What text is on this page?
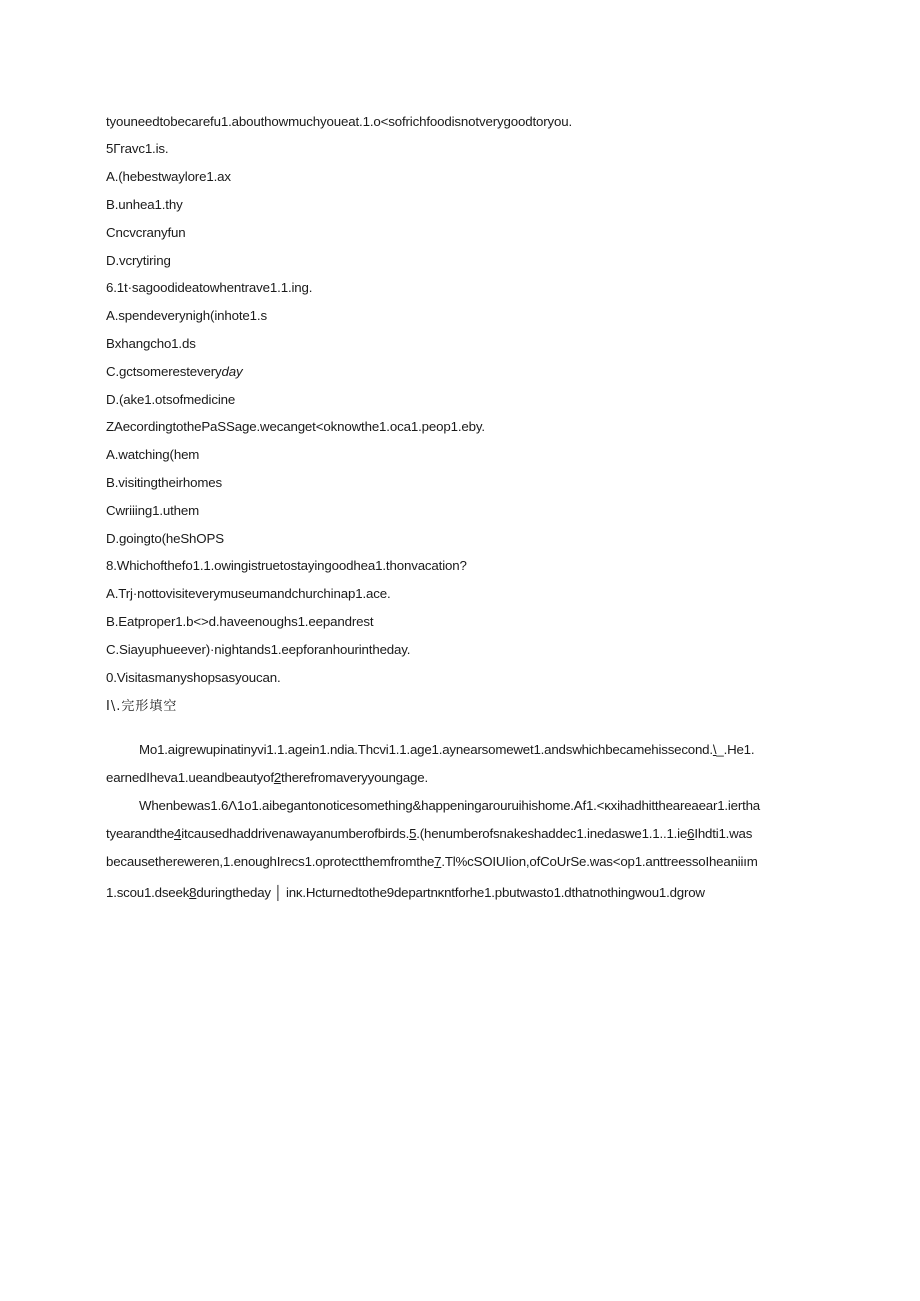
tyouneedtobecarefu1.abouthowmuchyoueat.1.o<sofrichfoodisnotverygoodtoryou.
5Гravc1.is.
A.(hebestwaylore1.ax
B.unhea1.thy
Cncvcranyfun
D.vcrytiring
6.1t·sagoodideatowhentrave1.1.ing.
A.spendeverynigh(inhote1.s
Bxhangcho1.ds
C.gctsomeresteveryday
D.(ake1.otsofmedicine
ZAecordingtothePaSSage.wecanget<oknowthe1.oca1.peop1.eby.
A.watching(hem
B.visitingtheirhomes
Cwriiing1.uthem
D.goingto(heShOPS
8.Whichofthefo1.1.owingistruetostayingoodhea1.thonvacation?
A.Trj·nottovisiteverymuseumandchurchinap1.ace.
B.Eatproper1.b<>d.haveenoughs1.eepandrest
C.Siayuphueever)·nightands1.eepforanhourintheday.
0.Visitasmanyshopsasyoucan.
I\.完形填空
Mo1.aigrewupinatinyvi1.1.agein1.ndia.Thcvi1.1.age1.aynearsomewet1.andswhichbecamehissecond.\_.He1.
earnedIheva1.ueandbeautyof2therefromaveryyoungage.
Whenbewas1.6Λ1o1.aibegantonoticesomething&happeningarouruihishome.Af1.<κxihadhittheareaear1.iertha
tyearandthe4itcausedhaddrivenawayanumberofbirds.5.(henumberofsnakeshaddec1.inedaswe1.1..1.ie6Ihdti1.was
becausethereweren,1.enoughIrecs1.oprotectthemfromthe7.Tl%cSOIUIion,ofCoUrSe.was<op1.anttreessoIheaniiım
1.scou1.dseek8duringtheday │ inκ.Hcturnedtothe9departnκntforhe1.pbutwasto1.dthatnothingwou1.dgrow
